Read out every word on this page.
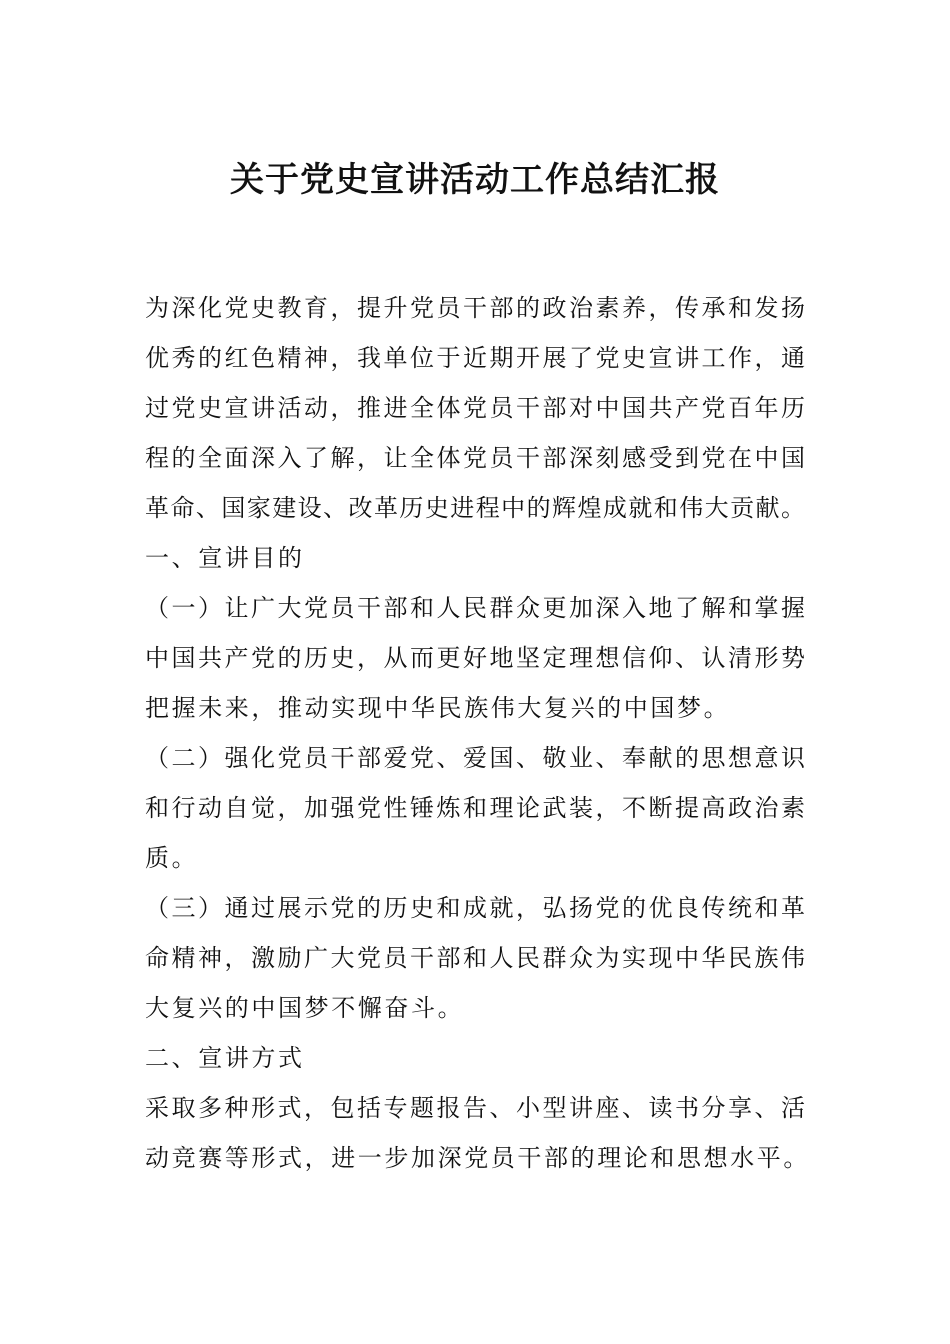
关于党史宣讲活动工作总结汇报
为深化党史教育，提升党员干部的政治素养，传承和发扬
优秀的红色精神，我单位于近期开展了党史宣讲工作，通
过党史宣讲活动，推进全体党员干部对中国共产党百年历
程的全面深入了解，让全体党员干部深刻感受到党在中国
革命、国家建设、改革历史进程中的辉煌成就和伟大贡献。
一、宣讲目的
（一）让广大党员干部和人民群众更加深入地了解和掌握
中国共产党的历史，从而更好地坚定理想信仰、认清形势
把握未来，推动实现中华民族伟大复兴的中国梦。
（二）强化党员干部爱党、爱国、敬业、奉献的思想意识
和行动自觉，加强党性锤炼和理论武装，不断提高政治素
质。
（三）通过展示党的历史和成就，弘扬党的优良传统和革
命精神，激励广大党员干部和人民群众为实现中华民族伟
大复兴的中国梦不懈奋斗。
二、宣讲方式
采取多种形式，包括专题报告、小型讲座、读书分享、活
动竞赛等形式，进一步加深党员干部的理论和思想水平。
